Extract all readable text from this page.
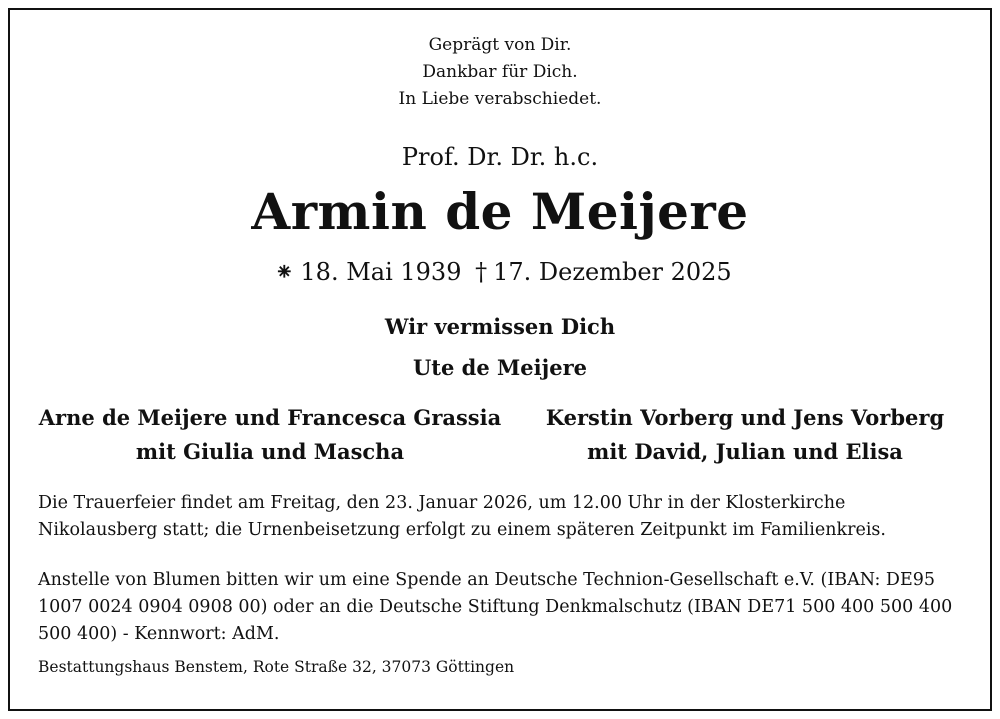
Geprägt von Dir.
Dankbar für Dich.
In Liebe verabschiedet.
Prof. Dr. Dr. h.c.
Armin de Meijere
⁕ 18. Mai 1939 † 17. Dezember 2025
Wir vermissen Dich
Ute de Meijere
Arne de Meijere und Francesca Grassia
mit Giulia und Mascha
Kerstin Vorberg und Jens Vorberg
mit David, Julian und Elisa
Die Trauerfeier findet am Freitag, den 23. Januar 2026, um 12.00 Uhr in der Klosterkirche Nikolausberg statt; die Urnenbeisetzung erfolgt zu einem späteren Zeitpunkt im Familienkreis.
Anstelle von Blumen bitten wir um eine Spende an Deutsche Technion-Gesellschaft e.V. (IBAN: DE95 1007 0024 0904 0908 00) oder an die Deutsche Stiftung Denkmalschutz (IBAN DE71 500 400 500 400 500 400) - Kennwort: AdM.
Bestattungshaus Benstem, Rote Straße 32, 37073 Göttingen
